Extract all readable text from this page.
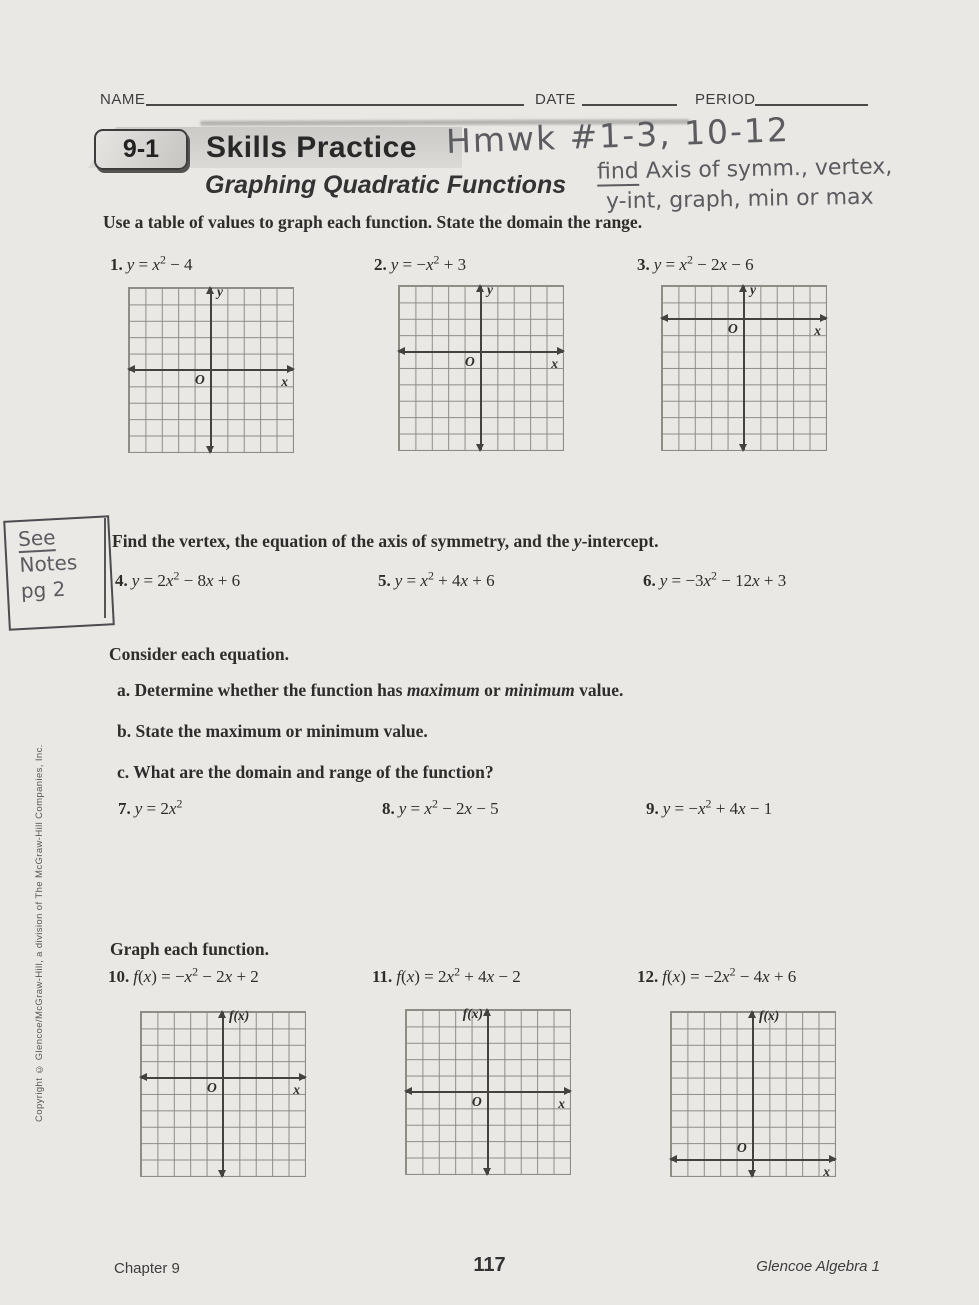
NAME	DATE	PERIOD
9-1	Skills Practice
Graphing Quadratic Functions
Hmwk #1-3, 10-12
find Axis of symm., vertex,
y-int, graph, min or max
Use a table of values to graph each function. State the domain the range.
1. $y = x^2 - 4$	2. $y = -x^2 + 3$	3. $y = x^2 - 2x - 6$
y
x
O
y
x
O
y
x
O
See
Notes
pg 2
Find the vertex, the equation of the axis of symmetry, and the y-intercept.
4. $y = 2x^2 - 8x + 6$	5. $y = x^2 + 4x + 6$	6. $y = -3x^2 - 12x + 3$
Consider each equation.
a. Determine whether the function has maximum or minimum value.
b. State the maximum or minimum value.
c. What are the domain and range of the function?
7. $y = 2x^2$	8. $y = x^2 - 2x - 5$	9. $y = -x^2 + 4x - 1$
Graph each function.
10. $f(x) = -x^2 - 2x + 2$	11. $f(x) = 2x^2 + 4x - 2$	12. $f(x) = -2x^2 - 4x + 6$
f(x)
x
O
f(x)
x
O
f(x)
x
O
Copyright © Glencoe/McGraw-Hill, a division of The McGraw-Hill Companies, Inc.
Chapter 9	117	Glencoe Algebra 1
